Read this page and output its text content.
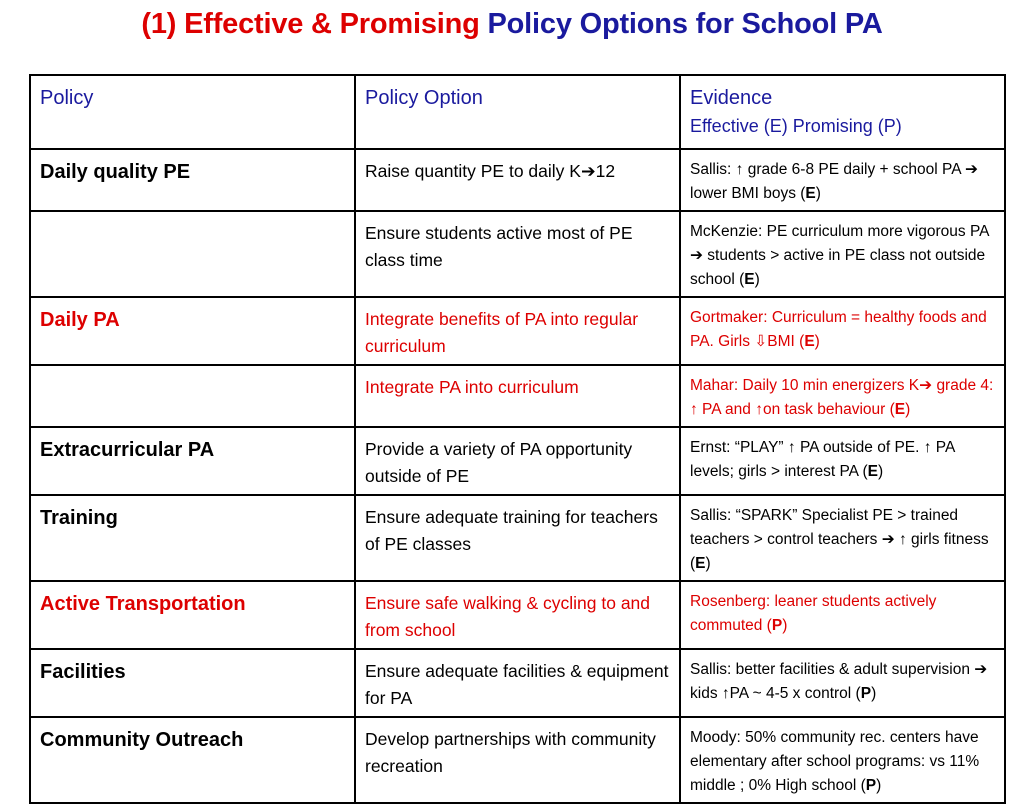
(1) Effective & Promising Policy Options for School PA
Policy	Policy Option	Evidence
Effective (E) Promising (P)

Daily quality PE	Raise quantity PE to daily K➔12	Sallis: ↑ grade 6-8 PE daily + school PA ➔ lower BMI boys (E)
	Ensure students active most of PE class time	McKenzie: PE curriculum more vigorous PA ➔ students > active in PE class not outside school (E)
Daily PA	Integrate benefits of PA into regular curriculum	Gortmaker: Curriculum = healthy foods and PA. Girls ⇩BMI (E)
	Integrate PA into curriculum	Mahar: Daily 10 min energizers K➔ grade 4: ↑ PA and ↑on task behaviour (E)
Extracurricular PA	Provide a variety of PA opportunity outside of PE	Ernst: “PLAY” ↑ PA outside of PE. ↑ PA levels; girls > interest PA (E)
Training	Ensure adequate training for teachers of PE classes	Sallis: “SPARK” Specialist PE > trained teachers > control teachers ➔ ↑ girls fitness (E)
Active Transportation	Ensure safe walking & cycling to and from school	Rosenberg: leaner students actively commuted (P)
Facilities	Ensure adequate facilities & equipment for PA	Sallis: better facilities & adult supervision ➔ kids ↑PA ~ 4-5 x control (P)
Community Outreach	Develop partnerships with community recreation	Moody: 50% community rec. centers have elementary after school programs: vs 11% middle ; 0% High school (P)
